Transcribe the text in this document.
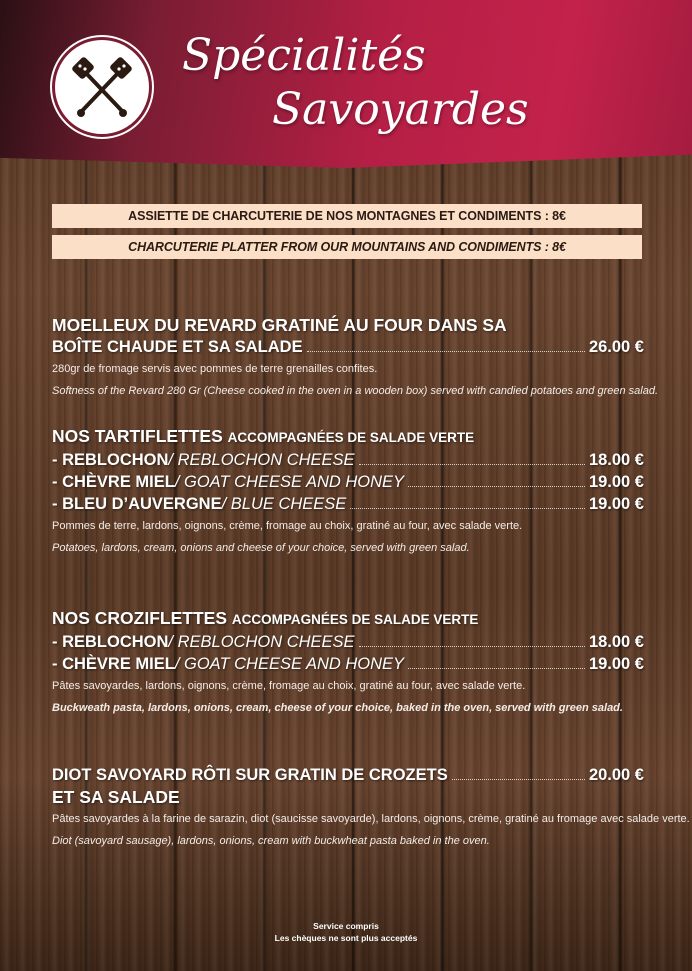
Spécialités
Savoyardes
ASSIETTE DE CHARCUTERIE DE NOS MONTAGNES ET CONDIMENTS : 8€
CHARCUTERIE PLATTER FROM OUR MOUNTAINS AND CONDIMENTS : 8€
MOELLEUX DU REVARD GRATINÉ AU FOUR DANS SA
BOÎTE CHAUDE ET SA SALADE	26.00 €
280gr de fromage servis avec pommes de terre grenailles confites.
Softness of the Revard 280 Gr (Cheese cooked in the oven in a wooden box) served with candied potatoes and green salad.
NOS TARTIFLETTES ACCOMPAGNÉES DE SALADE VERTE
- REBLOCHON / REBLOCHON CHEESE	18.00 €
- CHÈVRE MIEL / GOAT CHEESE AND HONEY	19.00 €
- BLEU D’AUVERGNE / BLUE CHEESE	19.00 €
Pommes de terre, lardons, oignons, crème, fromage au choix, gratiné au four, avec salade verte.
Potatoes, lardons, cream, onions and cheese of your choice, served with green salad.
NOS CROZIFLETTES ACCOMPAGNÉES DE SALADE VERTE
- REBLOCHON / REBLOCHON CHEESE	18.00 €
- CHÈVRE MIEL / GOAT CHEESE AND HONEY	19.00 €
Pâtes savoyardes, lardons, oignons, crème, fromage au choix, gratiné au four, avec salade verte.
Buckweath pasta, lardons, onions, cream, cheese of your choice, baked in the oven, served with green salad.
DIOT SAVOYARD RÔTI SUR GRATIN DE CROZETS	20.00 €
ET SA SALADE
Pâtes savoyardes à la farine de sarazin, diot (saucisse savoyarde), lardons, oignons, crème, gratiné au fromage avec salade verte.
Diot (savoyard sausage), lardons, onions, cream with buckwheat pasta baked in the oven.
Service compris
Les chèques ne sont plus acceptés
